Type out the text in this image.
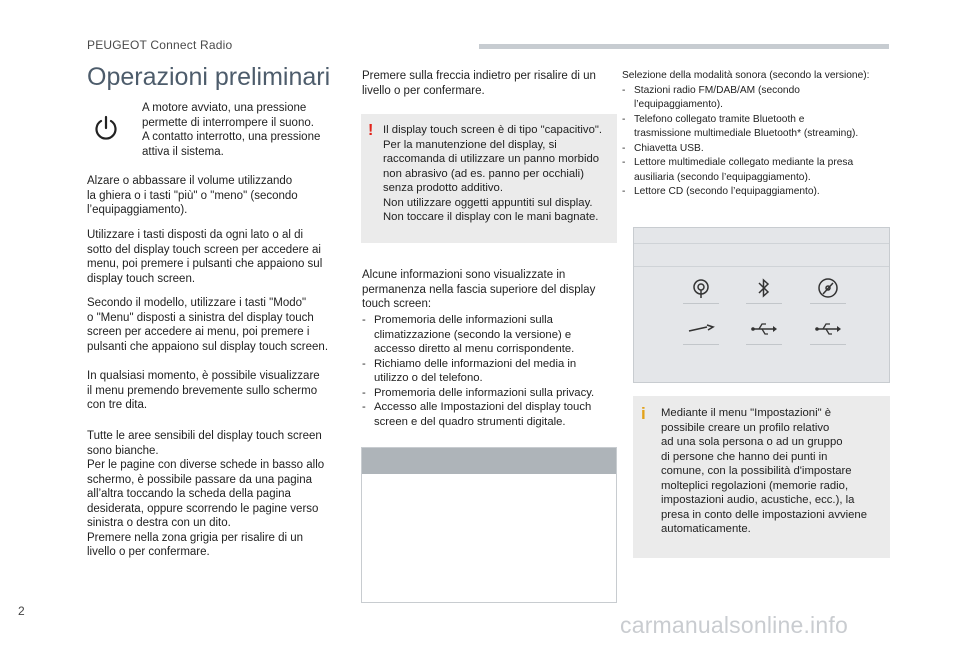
PEUGEOT Connect Radio
Operazioni preliminari
A motore avviato, una pressione
permette di interrompere il suono.
A contatto interrotto, una pressione
attiva il sistema.
Alzare o abbassare il volume utilizzando
la ghiera o i tasti "più" o "meno" (secondo
l’equipaggiamento).
Utilizzare i tasti disposti da ogni lato o al di
sotto del display touch screen per accedere ai
menu, poi premere i pulsanti che appaiono sul
display touch screen.
Secondo il modello, utilizzare i tasti "Modo"
o "Menu" disposti a sinistra del display touch
screen per accedere ai menu, poi premere i
pulsanti che appaiono sul display touch screen.
In qualsiasi momento, è possibile visualizzare
il menu premendo brevemente sullo schermo
con tre dita.
Tutte le aree sensibili del display touch screen
sono bianche.
Per le pagine con diverse schede in basso allo
schermo, è possibile passare da una pagina
all’altra toccando la scheda della pagina
desiderata, oppure scorrendo le pagine verso
sinistra o destra con un dito.
Premere nella zona grigia per risalire di un
livello o per confermare.
Premere sulla freccia indietro per risalire di un
livello o per confermare.
! Il display touch screen è di tipo "capacitivo".
Per la manutenzione del display, si
raccomanda di utilizzare un panno morbido
non abrasivo (ad es. panno per occhiali)
senza prodotto additivo.
Non utilizzare oggetti appuntiti sul display.
Non toccare il display con le mani bagnate.
Alcune informazioni sono visualizzate in
permanenza nella fascia superiore del display
touch screen:
- Promemoria delle informazioni sulla
climatizzazione (secondo la versione) e
accesso diretto al menu corrispondente.
- Richiamo delle informazioni del media in
utilizzo o del telefono.
- Promemoria delle informazioni sulla privacy.
- Accesso alle Impostazioni del display touch
screen e del quadro strumenti digitale.
Selezione della modalità sonora (secondo la versione):
- Stazioni radio FM/DAB/AM (secondo
l’equipaggiamento).
- Telefono collegato tramite Bluetooth e
trasmissione multimediale Bluetooth* (streaming).
- Chiavetta USB.
- Lettore multimediale collegato mediante la presa
ausiliaria (secondo l’equipaggiamento).
- Lettore CD (secondo l’equipaggiamento).
i Mediante il menu "Impostazioni" è
possibile creare un profilo relativo
ad una sola persona o ad un gruppo
di persone che hanno dei punti in
comune, con la possibilità d'impostare
molteplici regolazioni (memorie radio,
impostazioni audio, acustiche, ecc.), la
presa in conto delle impostazioni avviene
automaticamente.
2
carmanualsonline.info
